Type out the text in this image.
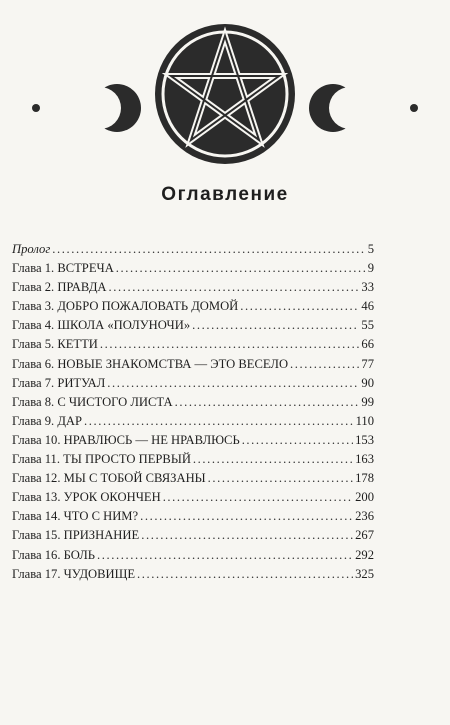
Оглавление
Пролог .....	5
Глава 1. ВСТРЕЧА .....	9
Глава 2. ПРАВДА .....	33
Глава 3. ДОБРО ПОЖАЛОВАТЬ ДОМОЙ .....	46
Глава 4. ШКОЛА «ПОЛУНОЧИ» .....	55
Глава 5. КЕТТИ .....	66
Глава 6. НОВЫЕ ЗНАКОМСТВА — ЭТО ВЕСЕЛО .....	77
Глава 7. РИТУАЛ .....	90
Глава 8. С ЧИСТОГО ЛИСТА .....	99
Глава 9. ДАР .....	110
Глава 10. НРАВЛЮСЬ — НЕ НРАВЛЮСЬ .....	153
Глава 11. ТЫ ПРОСТО ПЕРВЫЙ .....	163
Глава 12. МЫ С ТОБОЙ СВЯЗАНЫ .....	178
Глава 13. УРОК ОКОНЧЕН .....	200
Глава 14. ЧТО С НИМ? .....	236
Глава 15. ПРИЗНАНИЕ .....	267
Глава 16. БОЛЬ .....	292
Глава 17. ЧУДОВИЩЕ .....	325
